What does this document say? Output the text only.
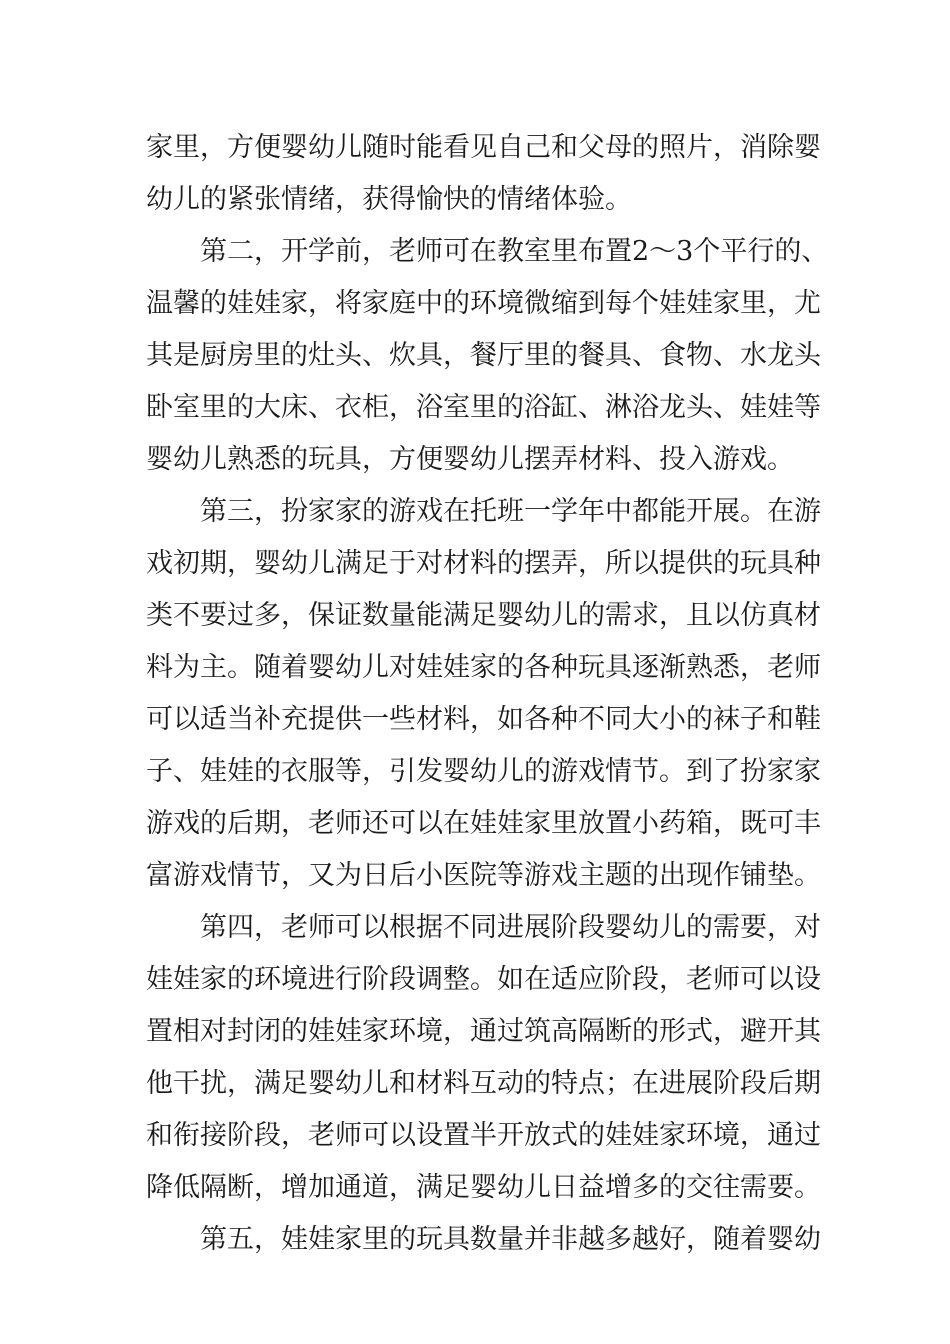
家里，方便婴幼儿随时能看见自己和父母的照片，消除婴
幼儿的紧张情绪，获得愉快的情绪体验。
第二，开学前，老师可在教室里布置2～3个平行的、
温馨的娃娃家，将家庭中的环境微缩到每个娃娃家里，尤
其是厨房里的灶头、炊具，餐厅里的餐具、食物、水龙头
卧室里的大床、衣柜，浴室里的浴缸、淋浴龙头、娃娃等
婴幼儿熟悉的玩具，方便婴幼儿摆弄材料、投入游戏。
第三，扮家家的游戏在托班一学年中都能开展。在游
戏初期，婴幼儿满足于对材料的摆弄，所以提供的玩具种
类不要过多，保证数量能满足婴幼儿的需求，且以仿真材
料为主。随着婴幼儿对娃娃家的各种玩具逐渐熟悉，老师
可以适当补充提供一些材料，如各种不同大小的袜子和鞋
子、娃娃的衣服等，引发婴幼儿的游戏情节。到了扮家家
游戏的后期，老师还可以在娃娃家里放置小药箱，既可丰
富游戏情节，又为日后小医院等游戏主题的出现作铺垫。
第四，老师可以根据不同进展阶段婴幼儿的需要，对
娃娃家的环境进行阶段调整。如在适应阶段，老师可以设
置相对封闭的娃娃家环境，通过筑高隔断的形式，避开其
他干扰，满足婴幼儿和材料互动的特点；在进展阶段后期
和衔接阶段，老师可以设置半开放式的娃娃家环境，通过
降低隔断，增加通道，满足婴幼儿日益增多的交往需要。
第五，娃娃家里的玩具数量并非越多越好，随着婴幼
